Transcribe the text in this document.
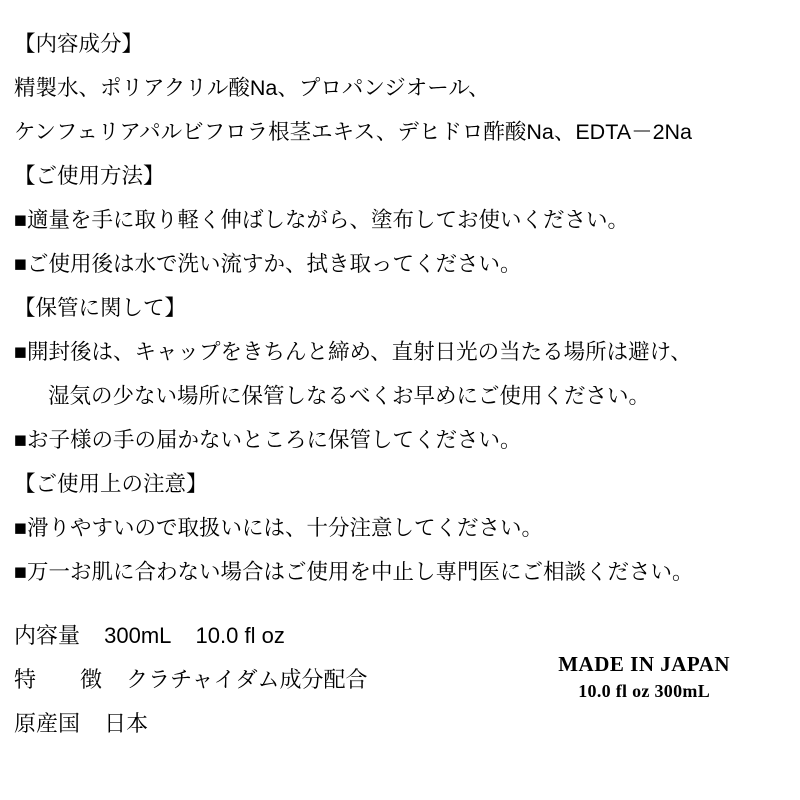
【内容成分】
精製水、ポリアクリル酸Na、プロパンジオール、
ケンフェリアパルビフロラ根茎エキス、デヒドロ酢酸Na、EDTA－2Na
【ご使用方法】
■適量を手に取り軽く伸ばしながら、塗布してお使いください。
■ご使用後は水で洗い流すか、拭き取ってください。
【保管に関して】
■開封後は、キャップをきちんと締め、直射日光の当たる場所は避け、
湿気の少ない場所に保管しなるべくお早めにご使用ください。
■お子様の手の届かないところに保管してください。
【ご使用上の注意】
■滑りやすいので取扱いには、十分注意してください。
■万一お肌に合わない場合はご使用を中止し専門医にご相談ください。
内容量 300mL 10.0 fl oz
特　　徴 クラチャイダム成分配合
原産国 日本
MADE IN JAPAN
10.0 fl oz 300mL
